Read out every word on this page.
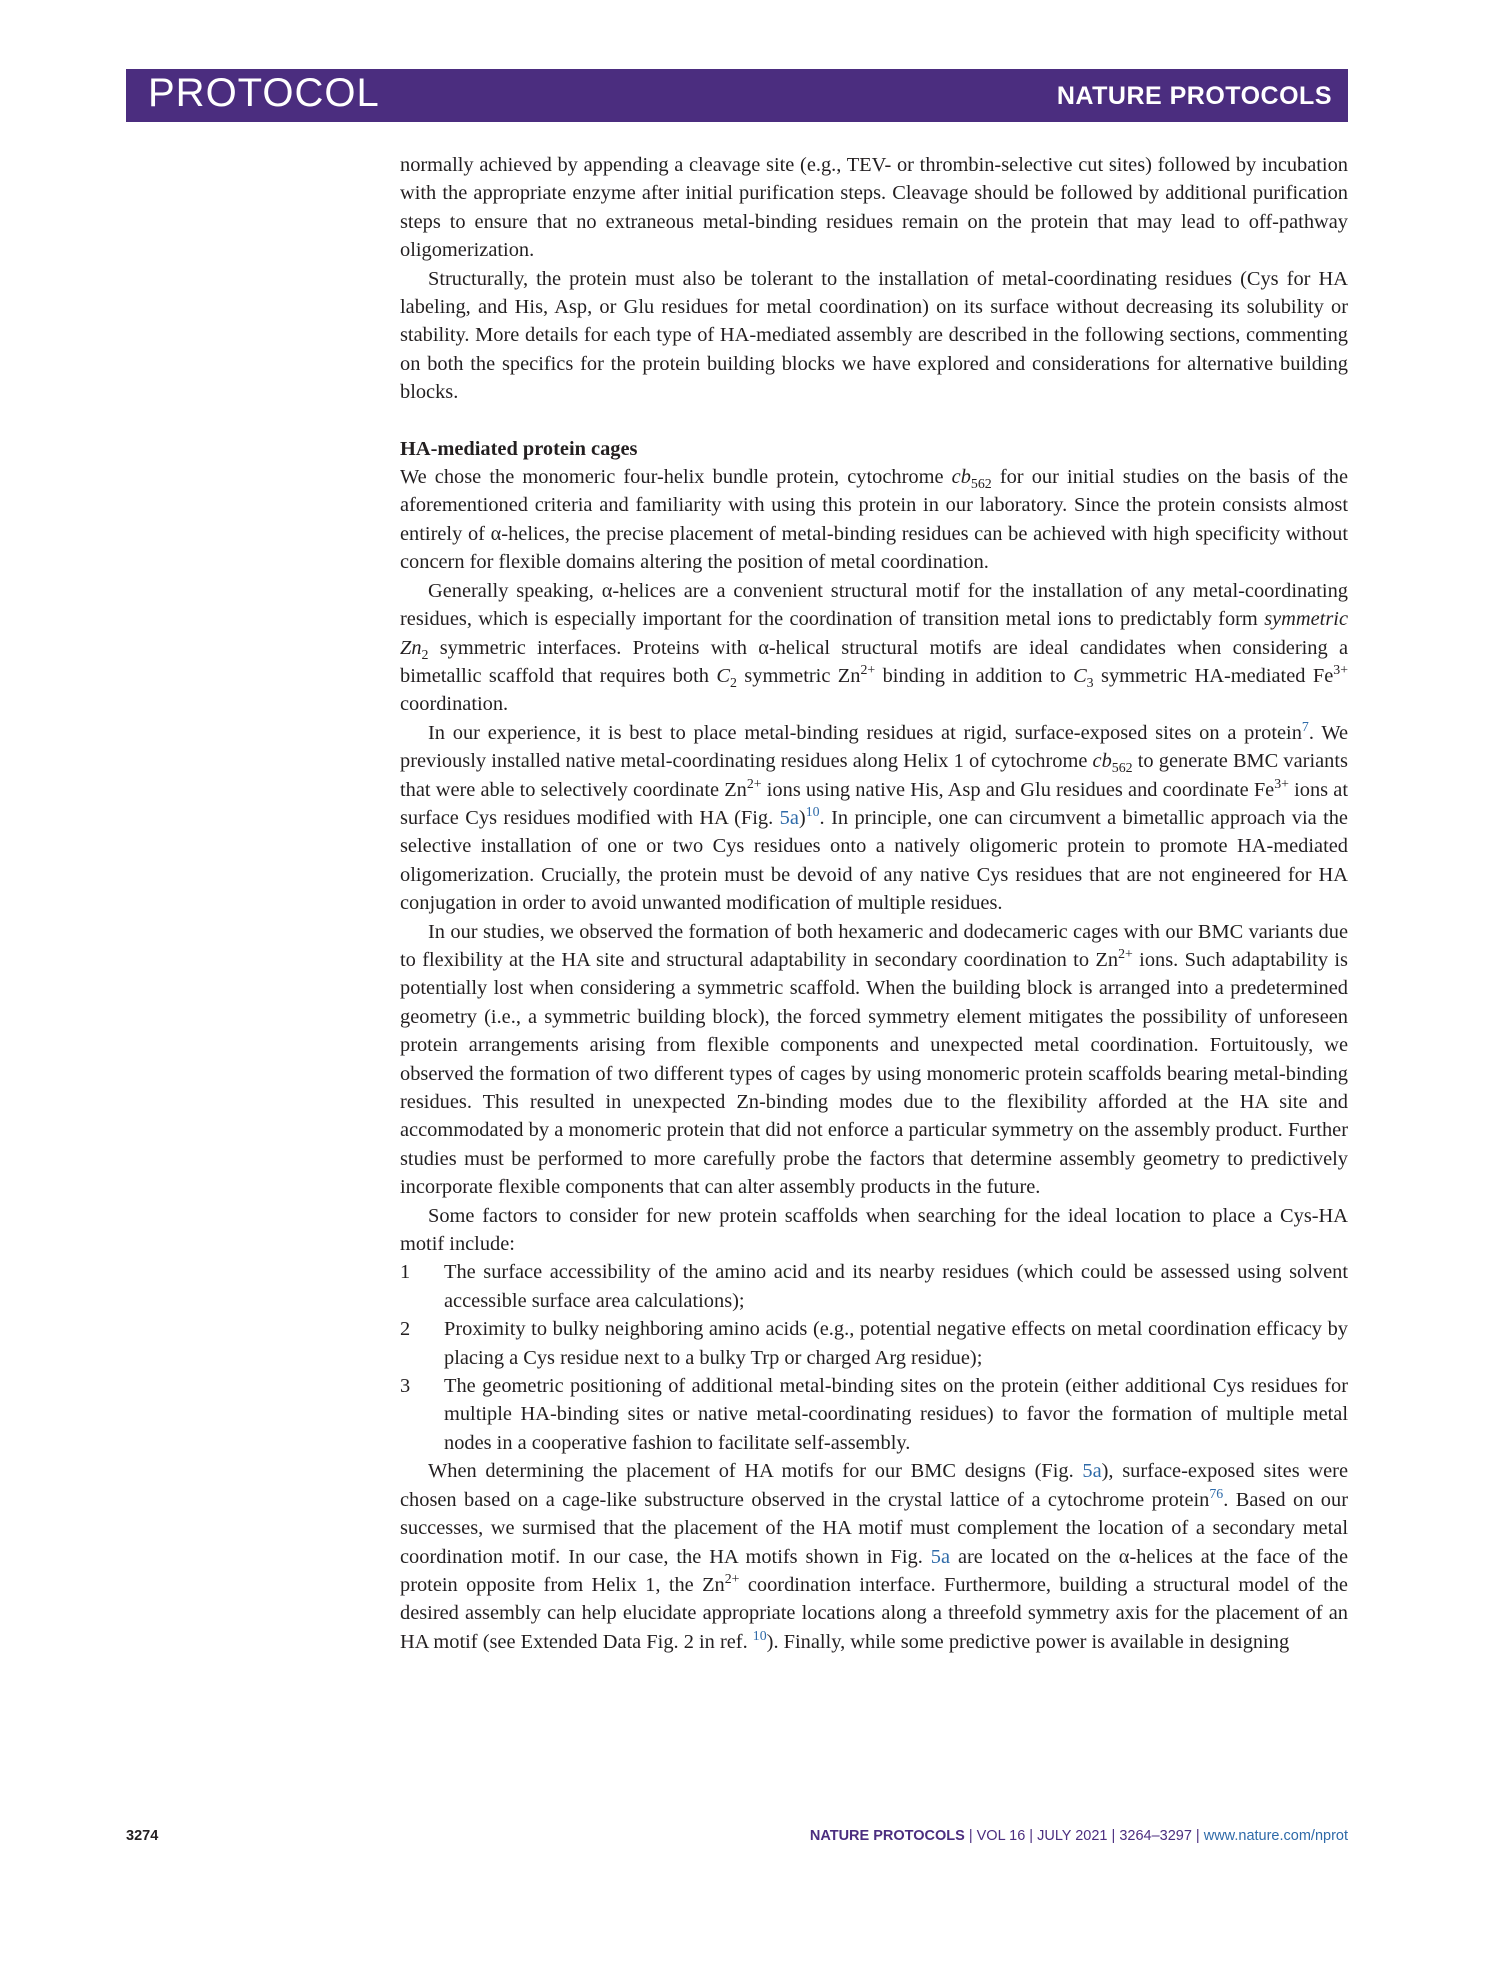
PROTOCOL	NATURE PROTOCOLS

normally achieved by appending a cleavage site (e.g., TEV- or thrombin-selective cut sites) followed by incubation with the appropriate enzyme after initial purification steps. Cleavage should be followed by additional purification steps to ensure that no extraneous metal-binding residues remain on the protein that may lead to off-pathway oligomerization.

Structurally, the protein must also be tolerant to the installation of metal-coordinating residues (Cys for HA labeling, and His, Asp, or Glu residues for metal coordination) on its surface without decreasing its solubility or stability. More details for each type of HA-mediated assembly are described in the following sections, commenting on both the specifics for the protein building blocks we have explored and considerations for alternative building blocks.

HA-mediated protein cages

We chose the monomeric four-helix bundle protein, cytochrome $cb_{562}$ for our initial studies on the basis of the aforementioned criteria and familiarity with using this protein in our laboratory. Since the protein consists almost entirely of α-helices, the precise placement of metal-binding residues can be achieved with high specificity without concern for flexible domains altering the position of metal coordination.

Generally speaking, α-helices are a convenient structural motif for the installation of any metal-coordinating residues, which is especially important for the coordination of transition metal ions to predictably form symmetric $Zn_2$ symmetric interfaces. Proteins with α-helical structural motifs are ideal candidates when considering a bimetallic scaffold that requires both $C_2$ symmetric $Zn^{2+}$ binding in addition to $C_3$ symmetric HA-mediated $Fe^{3+}$ coordination.

In our experience, it is best to place metal-binding residues at rigid, surface-exposed sites on a protein$^7$. We previously installed native metal-coordinating residues along Helix 1 of cytochrome $cb_{562}$ to generate BMC variants that were able to selectively coordinate $Zn^{2+}$ ions using native His, Asp and Glu residues and coordinate $Fe^{3+}$ ions at surface Cys residues modified with HA (Fig. 5a)$^{10}$. In principle, one can circumvent a bimetallic approach via the selective installation of one or two Cys residues onto a natively oligomeric protein to promote HA-mediated oligomerization. Crucially, the protein must be devoid of any native Cys residues that are not engineered for HA conjugation in order to avoid unwanted modification of multiple residues.

In our studies, we observed the formation of both hexameric and dodecameric cages with our BMC variants due to flexibility at the HA site and structural adaptability in secondary coordination to $Zn^{2+}$ ions. Such adaptability is potentially lost when considering a symmetric scaffold. When the building block is arranged into a predetermined geometry (i.e., a symmetric building block), the forced symmetry element mitigates the possibility of unforeseen protein arrangements arising from flexible components and unexpected metal coordination. Fortuitously, we observed the formation of two different types of cages by using monomeric protein scaffolds bearing metal-binding residues. This resulted in unexpected Zn-binding modes due to the flexibility afforded at the HA site and accommodated by a monomeric protein that did not enforce a particular symmetry on the assembly product. Further studies must be performed to more carefully probe the factors that determine assembly geometry to predictively incorporate flexible components that can alter assembly products in the future.

Some factors to consider for new protein scaffolds when searching for the ideal location to place a Cys-HA motif include:

1	The surface accessibility of the amino acid and its nearby residues (which could be assessed using solvent accessible surface area calculations);
2	Proximity to bulky neighboring amino acids (e.g., potential negative effects on metal coordination efficacy by placing a Cys residue next to a bulky Trp or charged Arg residue);
3	The geometric positioning of additional metal-binding sites on the protein (either additional Cys residues for multiple HA-binding sites or native metal-coordinating residues) to favor the formation of multiple metal nodes in a cooperative fashion to facilitate self-assembly.

When determining the placement of HA motifs for our BMC designs (Fig. 5a), surface-exposed sites were chosen based on a cage-like substructure observed in the crystal lattice of a cytochrome protein$^{76}$. Based on our successes, we surmised that the placement of the HA motif must complement the location of a secondary metal coordination motif. In our case, the HA motifs shown in Fig. 5a are located on the α-helices at the face of the protein opposite from Helix 1, the $Zn^{2+}$ coordination interface. Furthermore, building a structural model of the desired assembly can help elucidate appropriate locations along a threefold symmetry axis for the placement of an HA motif (see Extended Data Fig. 2 in ref. $^{10}$). Finally, while some predictive power is available in designing

3274	NATURE PROTOCOLS | VOL 16 | JULY 2021 | 3264–3297 | www.nature.com/nprot
